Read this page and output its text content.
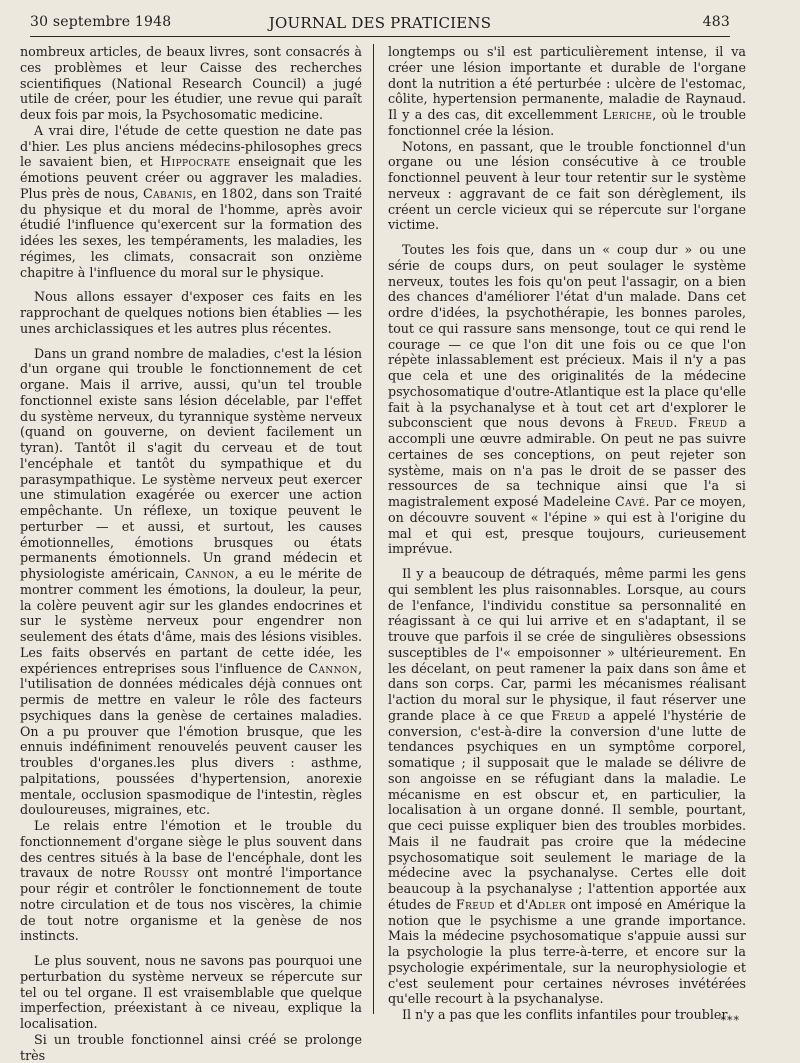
30 septembre 1948	JOURNAL DES PRATICIENS	483

nombreux articles, de beaux livres, sont consacrés à ces problèmes et leur Caisse des recherches scientifiques (National Research Council) a jugé utile de créer, pour les étudier, une revue qui paraît deux fois par mois, la Psychosomatic medicine.

A vrai dire, l'étude de cette question ne date pas d'hier. Les plus anciens médecins-philosophes grecs le savaient bien, et Hippocrate enseignait que les émotions peuvent créer ou aggraver les maladies. Plus près de nous, Cabanis, en 1802, dans son Traité du physique et du moral de l'homme, après avoir étudié l'influence qu'exercent sur la formation des idées les sexes, les tempéraments, les maladies, les régimes, les climats, consacrait son onzième chapitre à l'influence du moral sur le physique.

Nous allons essayer d'exposer ces faits en les rapprochant de quelques notions bien établies — les unes archiclassiques et les autres plus récentes.

Dans un grand nombre de maladies, c'est la lésion d'un organe qui trouble le fonctionnement de cet organe. Mais il arrive, aussi, qu'un tel trouble fonctionnel existe sans lésion décelable, par l'effet du système nerveux, du tyrannique système nerveux (quand on gouverne, on devient facilement un tyran). Tantôt il s'agit du cerveau et de tout l'encéphale et tantôt du sympathique et du parasympathique. Le système nerveux peut exercer une stimulation exagérée ou exercer une action empêchante. Un réflexe, un toxique peuvent le perturber — et aussi, et surtout, les causes émotionnelles, émotions brusques ou états permanents émotionnels. Un grand médecin et physiologiste américain, Cannon, a eu le mérite de montrer comment les émotions, la douleur, la peur, la colère peuvent agir sur les glandes endocrines et sur le système nerveux pour engendrer non seulement des états d'âme, mais des lésions visibles. Les faits observés en partant de cette idée, les expériences entreprises sous l'influence de Cannon, l'utilisation de données médicales déjà connues ont permis de mettre en valeur le rôle des facteurs psychiques dans la genèse de certaines maladies. On a pu prouver que l'émotion brusque, que les ennuis indéfiniment renouvelés peuvent causer les troubles d'organes.les plus divers : asthme, palpitations, poussées d'hypertension, anorexie mentale, occlusion spasmodique de l'intestin, règles douloureuses, migraines, etc.

Le relais entre l'émotion et le trouble du fonctionnement d'organe siège le plus souvent dans des centres situés à la base de l'encéphale, dont les travaux de notre Roussy ont montré l'importance pour régir et contrôler le fonctionnement de toute notre circulation et de tous nos viscères, la chimie de tout notre organisme et la genèse de nos instincts.

Le plus souvent, nous ne savons pas pourquoi une perturbation du système nerveux se répercute sur tel ou tel organe. Il est vraisemblable que quelque imperfection, préexistant à ce niveau, explique la localisation.

Si un trouble fonctionnel ainsi créé se prolonge très

longtemps ou s'il est particulièrement intense, il va créer une lésion importante et durable de l'organe dont la nutrition a été perturbée : ulcère de l'estomac, côlite, hypertension permanente, maladie de Raynaud. Il y a des cas, dit excellemment Leriche, où le trouble fonctionnel crée la lésion.

Notons, en passant, que le trouble fonctionnel d'un organe ou une lésion consécutive à ce trouble fonctionnel peuvent à leur tour retentir sur le système nerveux : aggravant de ce fait son dérèglement, ils créent un cercle vicieux qui se répercute sur l'organe victime.

Toutes les fois que, dans un « coup dur » ou une série de coups durs, on peut soulager le système nerveux, toutes les fois qu'on peut l'assagir, on a bien des chances d'améliorer l'état d'un malade. Dans cet ordre d'idées, la psychothérapie, les bonnes paroles, tout ce qui rassure sans mensonge, tout ce qui rend le courage — ce que l'on dit une fois ou ce que l'on répète inlassablement est précieux. Mais il n'y a pas que cela et une des originalités de la médecine psychosomatique d'outre-Atlantique est la place qu'elle fait à la psychanalyse et à tout cet art d'explorer le subconscient que nous devons à Freud. Freud a accompli une œuvre admirable. On peut ne pas suivre certaines de ses conceptions, on peut rejeter son système, mais on n'a pas le droit de se passer des ressources de sa technique ainsi que l'a si magistralement exposé Madeleine Cavé. Par ce moyen, on découvre souvent « l'épine » qui est à l'origine du mal et qui est, presque toujours, curieusement imprévue.

Il y a beaucoup de détraqués, même parmi les gens qui semblent les plus raisonnables. Lorsque, au cours de l'enfance, l'individu constitue sa personnalité en réagissant à ce qui lui arrive et en s'adaptant, il se trouve que parfois il se crée de singulières obsessions susceptibles de l'« empoisonner » ultérieurement. En les décelant, on peut ramener la paix dans son âme et dans son corps. Car, parmi les mécanismes réalisant l'action du moral sur le physique, il faut réserver une grande place à ce que Freud a appelé l'hystérie de conversion, c'est-à-dire la conversion d'une lutte de tendances psychiques en un symptôme corporel, somatique ; il supposait que le malade se délivre de son angoisse en se réfugiant dans la maladie. Le mécanisme en est obscur et, en particulier, la localisation à un organe donné. Il semble, pourtant, que ceci puisse expliquer bien des troubles morbides. Mais il ne faudrait pas croire que la médecine psychosomatique soit seulement le mariage de la médecine avec la psychanalyse. Certes elle doit beaucoup à la psychanalyse ; l'attention apportée aux études de Freud et d'Adler ont imposé en Amérique la notion que le psychisme a une grande importance. Mais la médecine psychosomatique s'appuie aussi sur la psychologie la plus terre-à-terre, et encore sur la psychologie expérimentale, sur la neurophysiologie et c'est seulement pour certaines névroses invétérées qu'elle recourt à la psychanalyse.

Il n'y a pas que les conflits infantiles pour troubler

***
